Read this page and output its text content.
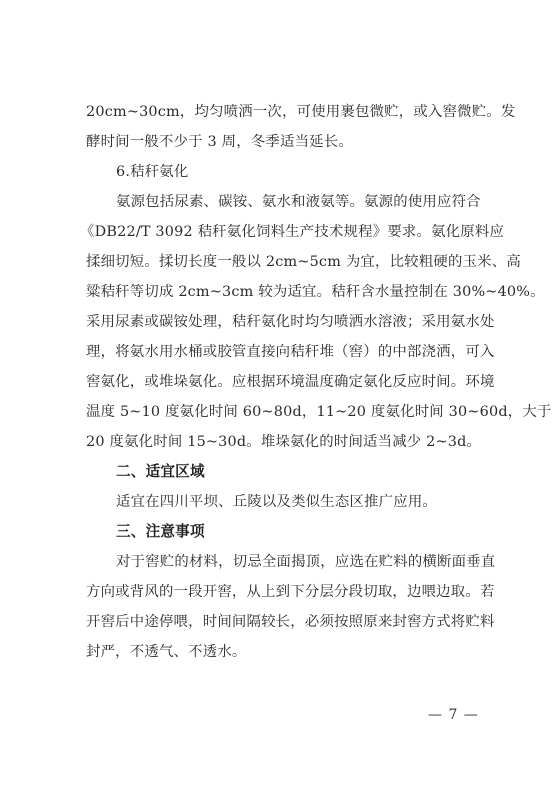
20cm~30cm，均匀喷洒一次，可使用裹包微贮，或入窖微贮。发
酵时间一般不少于 3 周，冬季适当延长。
6.秸秆氨化
氨源包括尿素、碳铵、氨水和液氨等。氨源的使用应符合
《DB22/T 3092 秸秆氨化饲料生产技术规程》要求。氨化原料应
揉细切短。揉切长度一般以 2cm~5cm 为宜，比较粗硬的玉米、高
粱秸秆等切成 2cm~3cm 较为适宜。秸秆含水量控制在 30%~40%。
采用尿素或碳铵处理，秸秆氨化时均匀喷洒水溶液；采用氨水处
理，将氨水用水桶或胶管直接向秸秆堆（窖）的中部浇洒，可入
窖氨化，或堆垛氨化。应根据环境温度确定氨化反应时间。环境
温度 5~10 度氨化时间 60~80d，11~20 度氨化时间 30~60d，大于
20 度氨化时间 15~30d。堆垛氨化的时间适当减少 2~3d。
二、适宜区域
适宜在四川平坝、丘陵以及类似生态区推广应用。
三、注意事项
对于窖贮的材料，切忌全面揭顶，应选在贮料的横断面垂直
方向或背风的一段开窖，从上到下分层分段切取，边喂边取。若
开窖后中途停喂，时间间隔较长，必须按照原来封窖方式将贮料
封严，不透气、不透水。
— 7 —
